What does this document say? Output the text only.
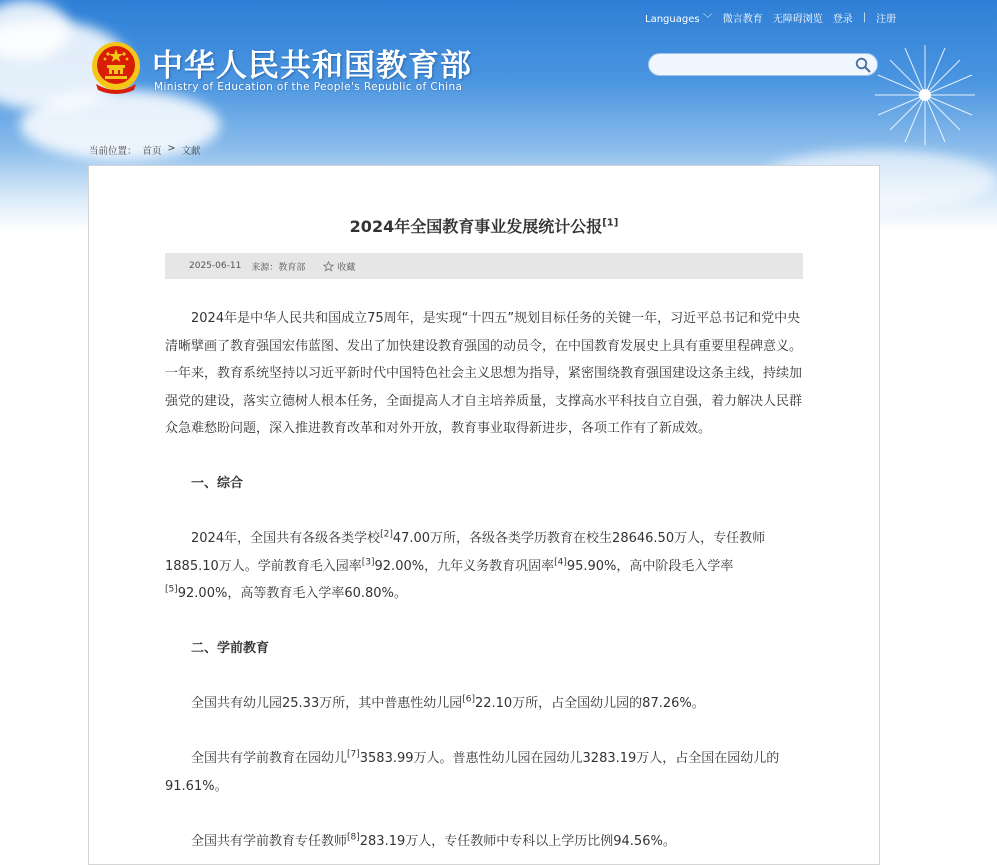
Languages ﹀ 微言教育 无障碍浏览 登录 | 注册
中华人民共和国教育部
Ministry of Education of the People's Republic of China
当前位置： 首页 > 文献
2024年全国教育事业发展统计公报[1]
2025-06-11 来源：教育部	收藏

2024年是中华人民共和国成立75周年，是实现“十四五”规划目标任务的关键一年，习近平总书记和党中央清晰擘画了教育强国宏伟蓝图、发出了加快建设教育强国的动员令，在中国教育发展史上具有重要里程碑意义。一年来，教育系统坚持以习近平新时代中国特色社会主义思想为指导，紧密围绕教育强国建设这条主线，持续加强党的建设，落实立德树人根本任务，全面提高人才自主培养质量，支撑高水平科技自立自强，着力解决人民群众急难愁盼问题，深入推进教育改革和对外开放，教育事业取得新进步，各项工作有了新成效。

一、综合

2024年，全国共有各级各类学校[2]47.00万所，各级各类学历教育在校生28646.50万人，专任教师1885.10万人。学前教育毛入园率[3]92.00%，九年义务教育巩固率[4]95.90%，高中阶段毛入学率[5]92.00%，高等教育毛入学率60.80%。

二、学前教育

全国共有幼儿园25.33万所，其中普惠性幼儿园[6]22.10万所，占全国幼儿园的87.26%。

全国共有学前教育在园幼儿[7]3583.99万人。普惠性幼儿园在园幼儿3283.19万人，占全国在园幼儿的91.61%。

全国共有学前教育专任教师[8]283.19万人，专任教师中专科以上学历比例94.56%。
